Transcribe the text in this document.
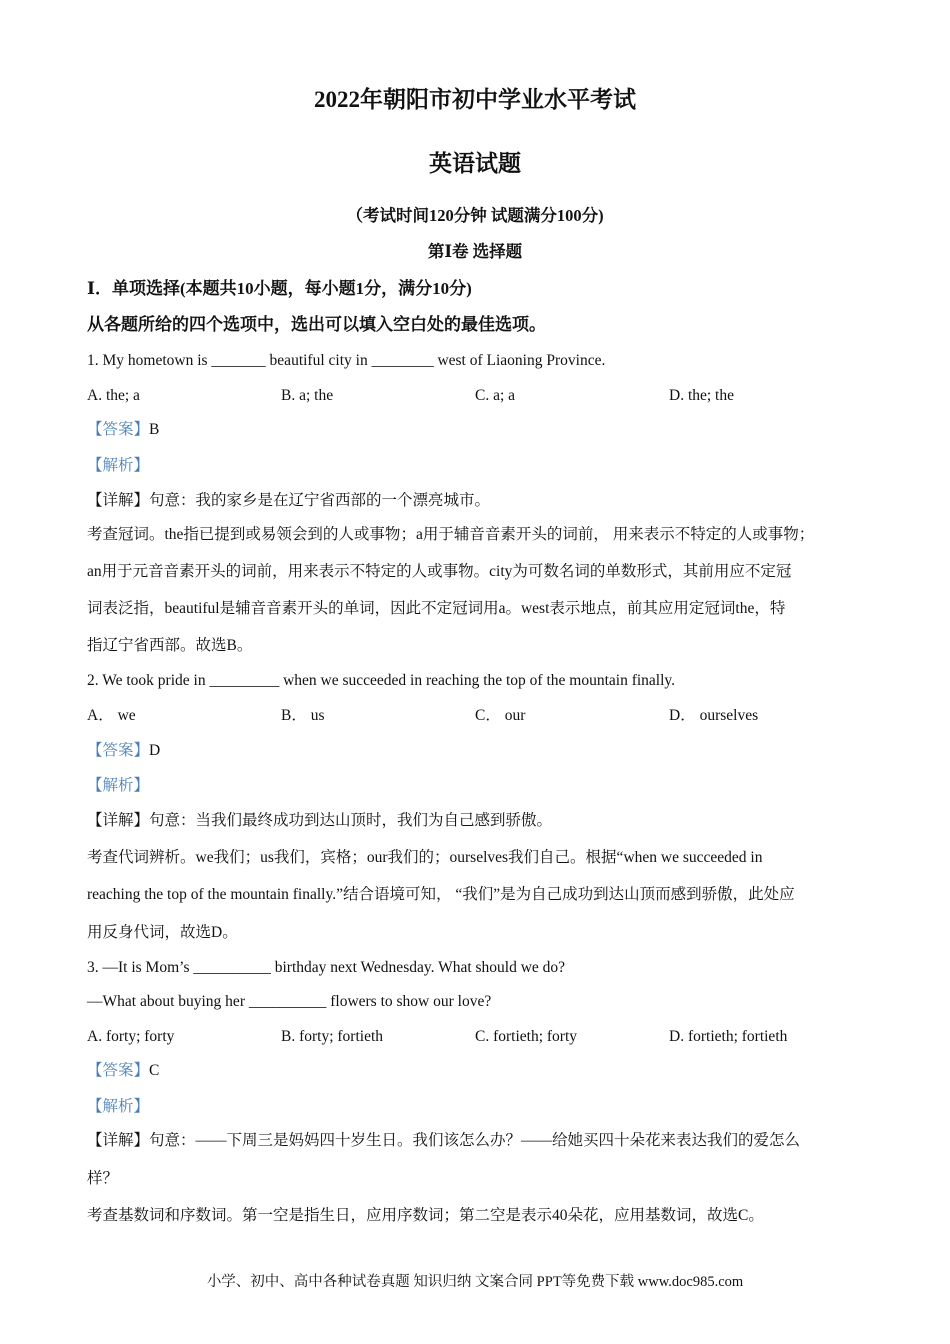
2022年朝阳市初中学业水平考试
英语试题
（考试时间120分钟 试题满分100分)
第Ⅰ卷 选择题
Ⅰ．单项选择(本题共10小题，每小题1分，满分10分)
从各题所给的四个选项中，选出可以填入空白处的最佳选项。
1. My hometown is _______ beautiful city in ________ west of Liaoning Province.
A. the; a	B. a; the	C. a; a	D. the; the
【答案】B
【解析】
【详解】句意：我的家乡是在辽宁省西部的一个漂亮城市。
考查冠词。the指已提到或易领会到的人或事物；a用于辅音音素开头的词前， 用来表示不特定的人或事物；
an用于元音音素开头的词前，用来表示不特定的人或事物。city为可数名词的单数形式，其前用应不定冠
词表泛指，beautiful是辅音音素开头的单词，因此不定冠词用a。west表示地点，前其应用定冠词the，特
指辽宁省西部。故选B。
2. We took pride in _________ when we succeeded in reaching the top of the mountain finally.
A． we	B． us	C． our	D． ourselves
【答案】D
【解析】
【详解】句意：当我们最终成功到达山顶时，我们为自己感到骄傲。
考查代词辨析。we我们；us我们，宾格；our我们的；ourselves我们自己。根据“when we succeeded in
reaching the top of the mountain finally.”结合语境可知， “我们”是为自己成功到达山顶而感到骄傲，此处应
用反身代词，故选D。
3. —It is Mom’s __________ birthday next Wednesday. What should we do?
—What about buying her __________ flowers to show our love?
A. forty; forty	B. forty; fortieth	C. fortieth; forty	D. fortieth; fortieth
【答案】C
【解析】
【详解】句意：——下周三是妈妈四十岁生日。我们该怎么办？——给她买四十朵花来表达我们的爱怎么
样？
考查基数词和序数词。第一空是指生日，应用序数词；第二空是表示40朵花，应用基数词，故选C。
小学、初中、高中各种试卷真题 知识归纳 文案合同 PPT等免费下载 www.doc985.com
